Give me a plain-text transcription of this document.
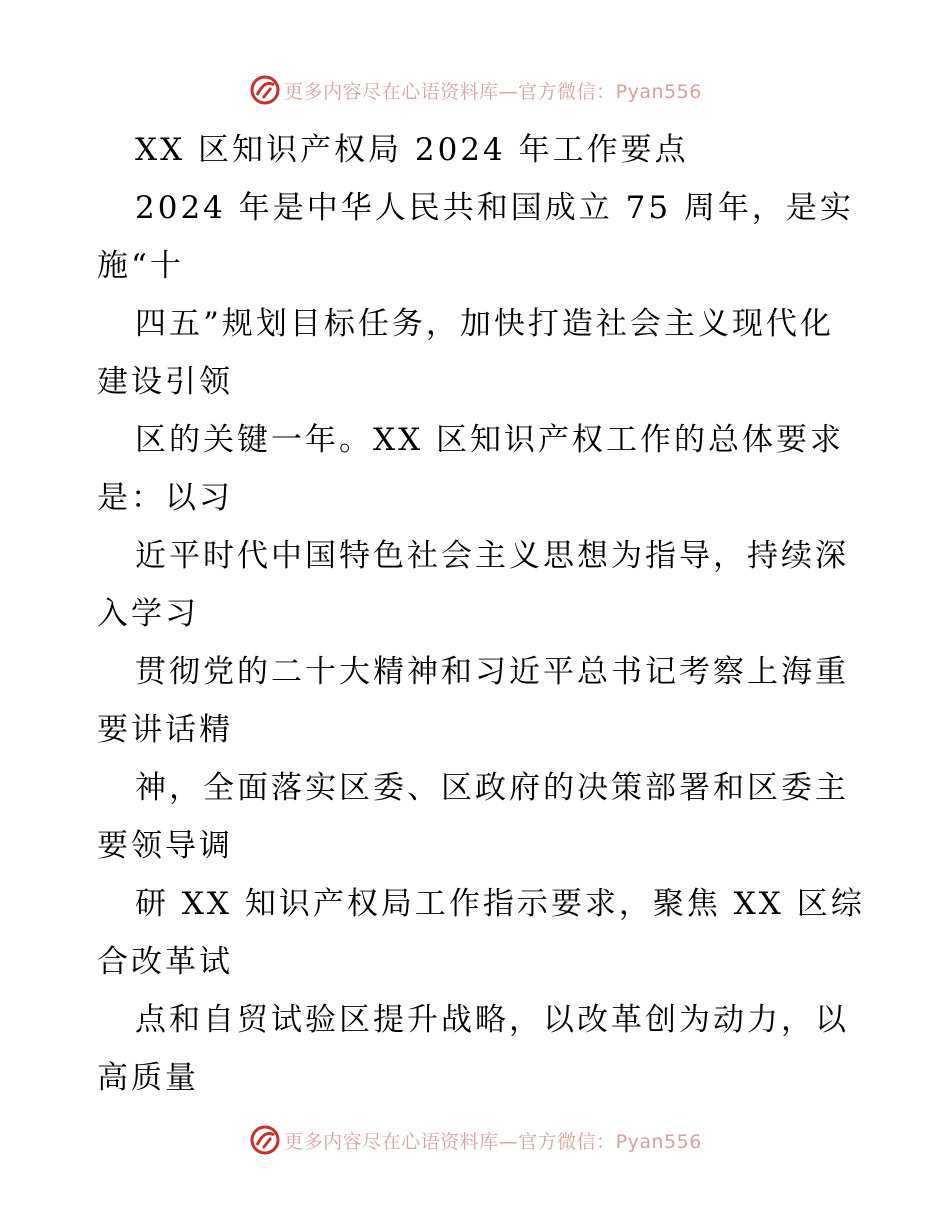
更多内容尽在心语资料库—官方微信：Pyan556
XX 区知识产权局 2024 年工作要点
2024 年是中华人民共和国成立 75 周年，是实
施“十
四五”规划目标任务，加快打造社会主义现代化
建设引领
区的关键一年。XX 区知识产权工作的总体要求
是：以习
近平时代中国特色社会主义思想为指导，持续深
入学习
贯彻党的二十大精神和习近平总书记考察上海重
要讲话精
神，全面落实区委、区政府的决策部署和区委主
要领导调
研 XX 知识产权局工作指示要求，聚焦 XX 区综
合改革试
点和自贸试验区提升战略，以改革创为动力，以
高质量
更多内容尽在心语资料库—官方微信：Pyan556
